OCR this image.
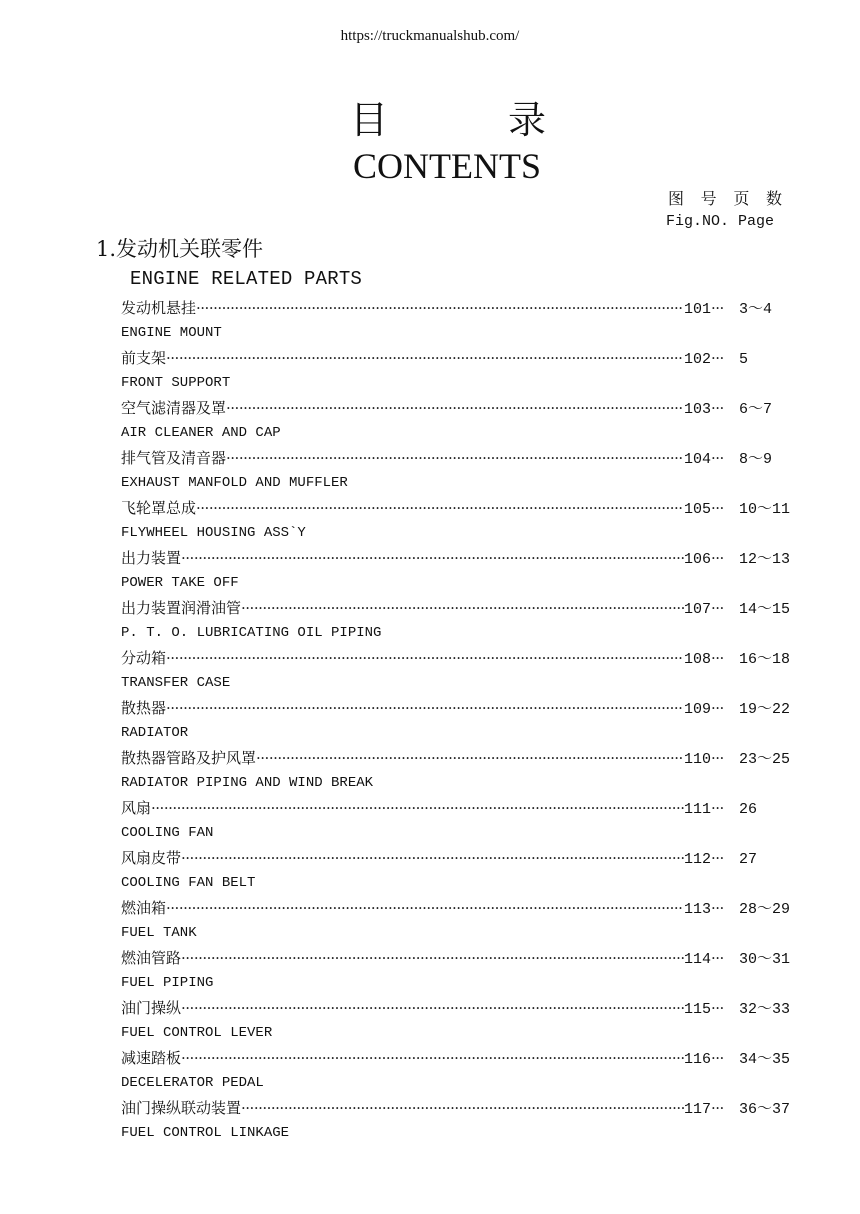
https://truckmanualshub.com/
目	录
CONTENTS
图 号 页 数
Fig.NO. Page
1.发动机关联零件
ENGINE RELATED PARTS
发动机悬挂 ·····	101 ··· 3～4
ENGINE MOUNT
前支架 ·····	102 ··· 5
FRONT SUPPORT
空气滤清器及罩 ·····	103 ··· 6～7
AIR CLEANER AND CAP
排气管及清音器 ·····	104 ··· 8～9
EXHAUST MANFOLD AND MUFFLER
飞轮罩总成 ·····	105 ··· 10～11
FLYWHEEL HOUSING ASS`Y
出力装置 ·····	106 ··· 12～13
POWER TAKE OFF
出力装置润滑油管 ·····	107 ··· 14～15
P. T. O. LUBRICATING OIL PIPING
分动箱 ·····	108 ··· 16～18
TRANSFER CASE
散热器 ·····	109 ··· 19～22
RADIATOR
散热器管路及护风罩 ·····	110 ··· 23～25
RADIATOR PIPING AND WIND BREAK
风扇 ·····	111 ··· 26
COOLING FAN
风扇皮带 ·····	112 ··· 27
COOLING FAN BELT
燃油箱 ·····	113 ··· 28～29
FUEL TANK
燃油管路 ·····	114 ··· 30～31
FUEL PIPING
油门操纵 ·····	115 ··· 32～33
FUEL CONTROL LEVER
减速踏板 ·····	116 ··· 34～35
DECELERATOR PEDAL
油门操纵联动装置 ·····	117 ··· 36～37
FUEL CONTROL LINKAGE
